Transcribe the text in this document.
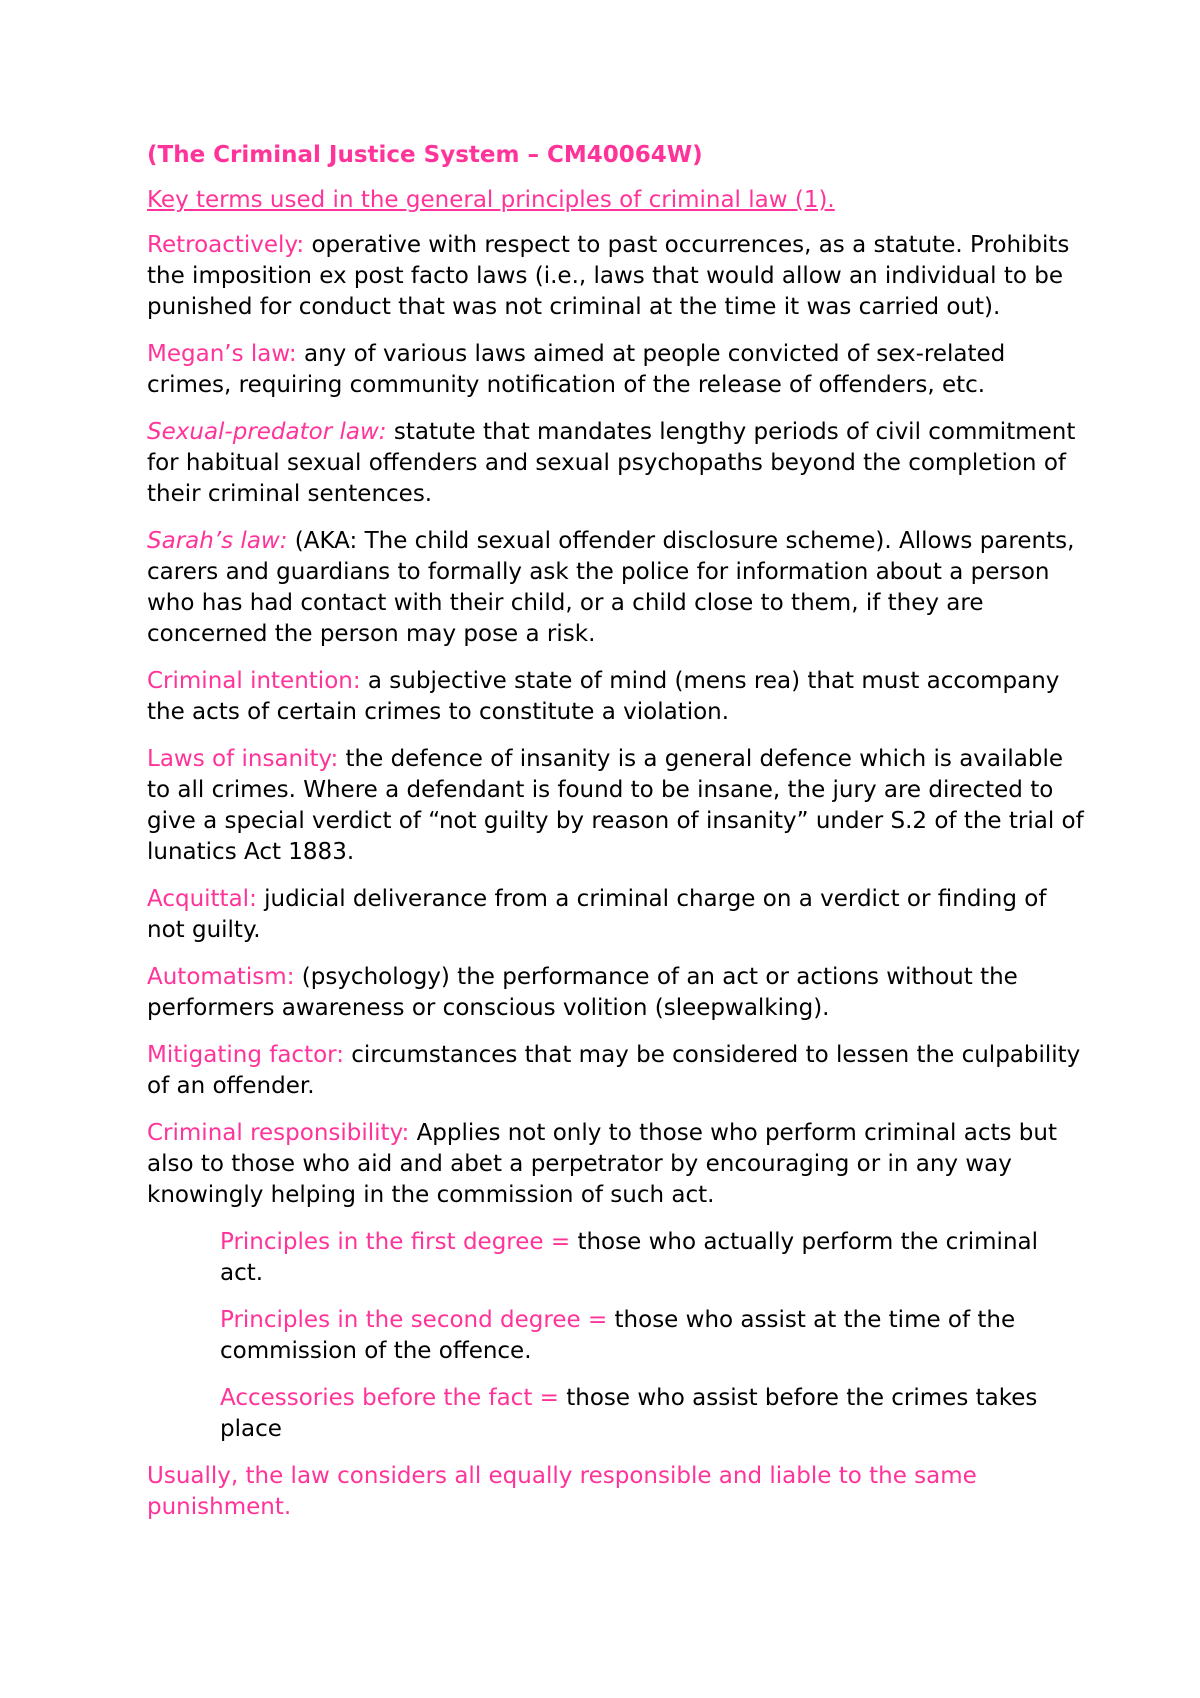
(The Criminal Justice System – CM40064W)

Key terms used in the general principles of criminal law (1).

Retroactively: operative with respect to past occurrences, as a statute. Prohibits the imposition ex post facto laws (i.e., laws that would allow an individual to be punished for conduct that was not criminal at the time it was carried out).

Megan’s law: any of various laws aimed at people convicted of sex-related crimes, requiring community notification of the release of offenders, etc.

Sexual-predator law: statute that mandates lengthy periods of civil commitment for habitual sexual offenders and sexual psychopaths beyond the completion of their criminal sentences.

Sarah’s law: (AKA: The child sexual offender disclosure scheme). Allows parents, carers and guardians to formally ask the police for information about a person who has had contact with their child, or a child close to them, if they are concerned the person may pose a risk.

Criminal intention: a subjective state of mind (mens rea) that must accompany the acts of certain crimes to constitute a violation.

Laws of insanity: the defence of insanity is a general defence which is available to all crimes. Where a defendant is found to be insane, the jury are directed to give a special verdict of “not guilty by reason of insanity” under S.2 of the trial of lunatics Act 1883.

Acquittal: judicial deliverance from a criminal charge on a verdict or finding of not guilty.

Automatism: (psychology) the performance of an act or actions without the performers awareness or conscious volition (sleepwalking).

Mitigating factor: circumstances that may be considered to lessen the culpability of an offender.

Criminal responsibility: Applies not only to those who perform criminal acts but also to those who aid and abet a perpetrator by encouraging or in any way knowingly helping in the commission of such act.

Principles in the first degree = those who actually perform the criminal act.

Principles in the second degree = those who assist at the time of the commission of the offence.

Accessories before the fact = those who assist before the crimes takes place

Usually, the law considers all equally responsible and liable to the same punishment.
